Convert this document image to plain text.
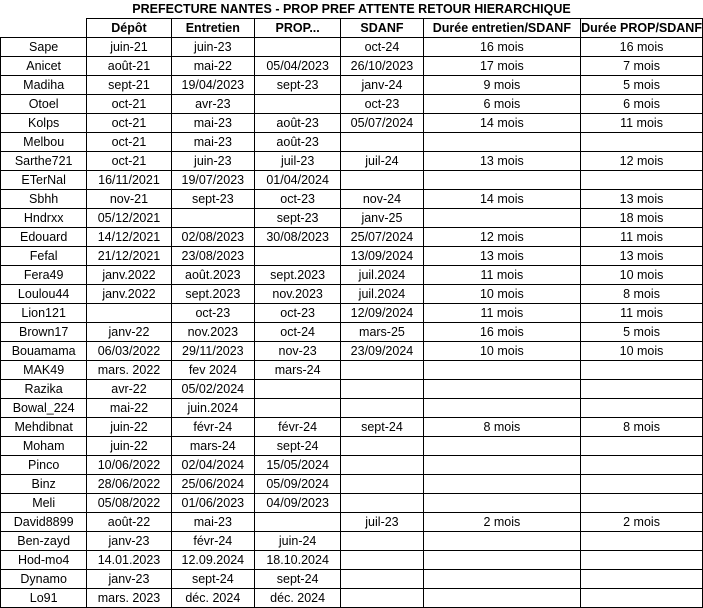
PREFECTURE NANTES - PROP PREF ATTENTE RETOUR HIERARCHIQUE
	Dépôt	Entretien	PROP...	SDANF	Durée entretien/SDANF	Durée PROP/SDANF
Sape	juin-21	juin-23		oct-24	16 mois	16 mois
Anicet	août-21	mai-22	05/04/2023	26/10/2023	17 mois	7 mois
Madiha	sept-21	19/04/2023	sept-23	janv-24	9 mois	5 mois
Otoel	oct-21	avr-23		oct-23	6 mois	6 mois
Kolps	oct-21	mai-23	août-23	05/07/2024	14 mois	11 mois
Melbou	oct-21	mai-23	août-23			
Sarthe721	oct-21	juin-23	juil-23	juil-24	13 mois	12 mois
ETerNal	16/11/2021	19/07/2023	01/04/2024			
Sbhh	nov-21	sept-23	oct-23	nov-24	14 mois	13 mois
Hndrxx	05/12/2021		sept-23	janv-25		18 mois
Edouard	14/12/2021	02/08/2023	30/08/2023	25/07/2024	12 mois	11 mois
Fefal	21/12/2021	23/08/2023		13/09/2024	13 mois	13 mois
Fera49	janv.2022	août.2023	sept.2023	juil.2024	11 mois	10 mois
Loulou44	janv.2022	sept.2023	nov.2023	juil.2024	10 mois	8 mois
Lion121		oct-23	oct-23	12/09/2024	11 mois	11 mois
Brown17	janv-22	nov.2023	oct-24	mars-25	16 mois	5 mois
Bouamama	06/03/2022	29/11/2023	nov-23	23/09/2024	10 mois	10 mois
MAK49	mars. 2022	fev 2024	mars-24			
Razika	avr-22	05/02/2024				
Bowal_224	mai-22	juin.2024				
Mehdibnat	juin-22	févr-24	févr-24	sept-24	8 mois	8 mois
Moham	juin-22	mars-24	sept-24			
Pinco	10/06/2022	02/04/2024	15/05/2024			
Binz	28/06/2022	25/06/2024	05/09/2024			
Meli	05/08/2022	01/06/2023	04/09/2023			
David8899	août-22	mai-23		juil-23	2 mois	2 mois
Ben-zayd	janv-23	févr-24	juin-24			
Hod-mo4	14.01.2023	12.09.2024	18.10.2024			
Dynamo	janv-23	sept-24	sept-24			
Lo91	mars. 2023	déc. 2024	déc. 2024			
